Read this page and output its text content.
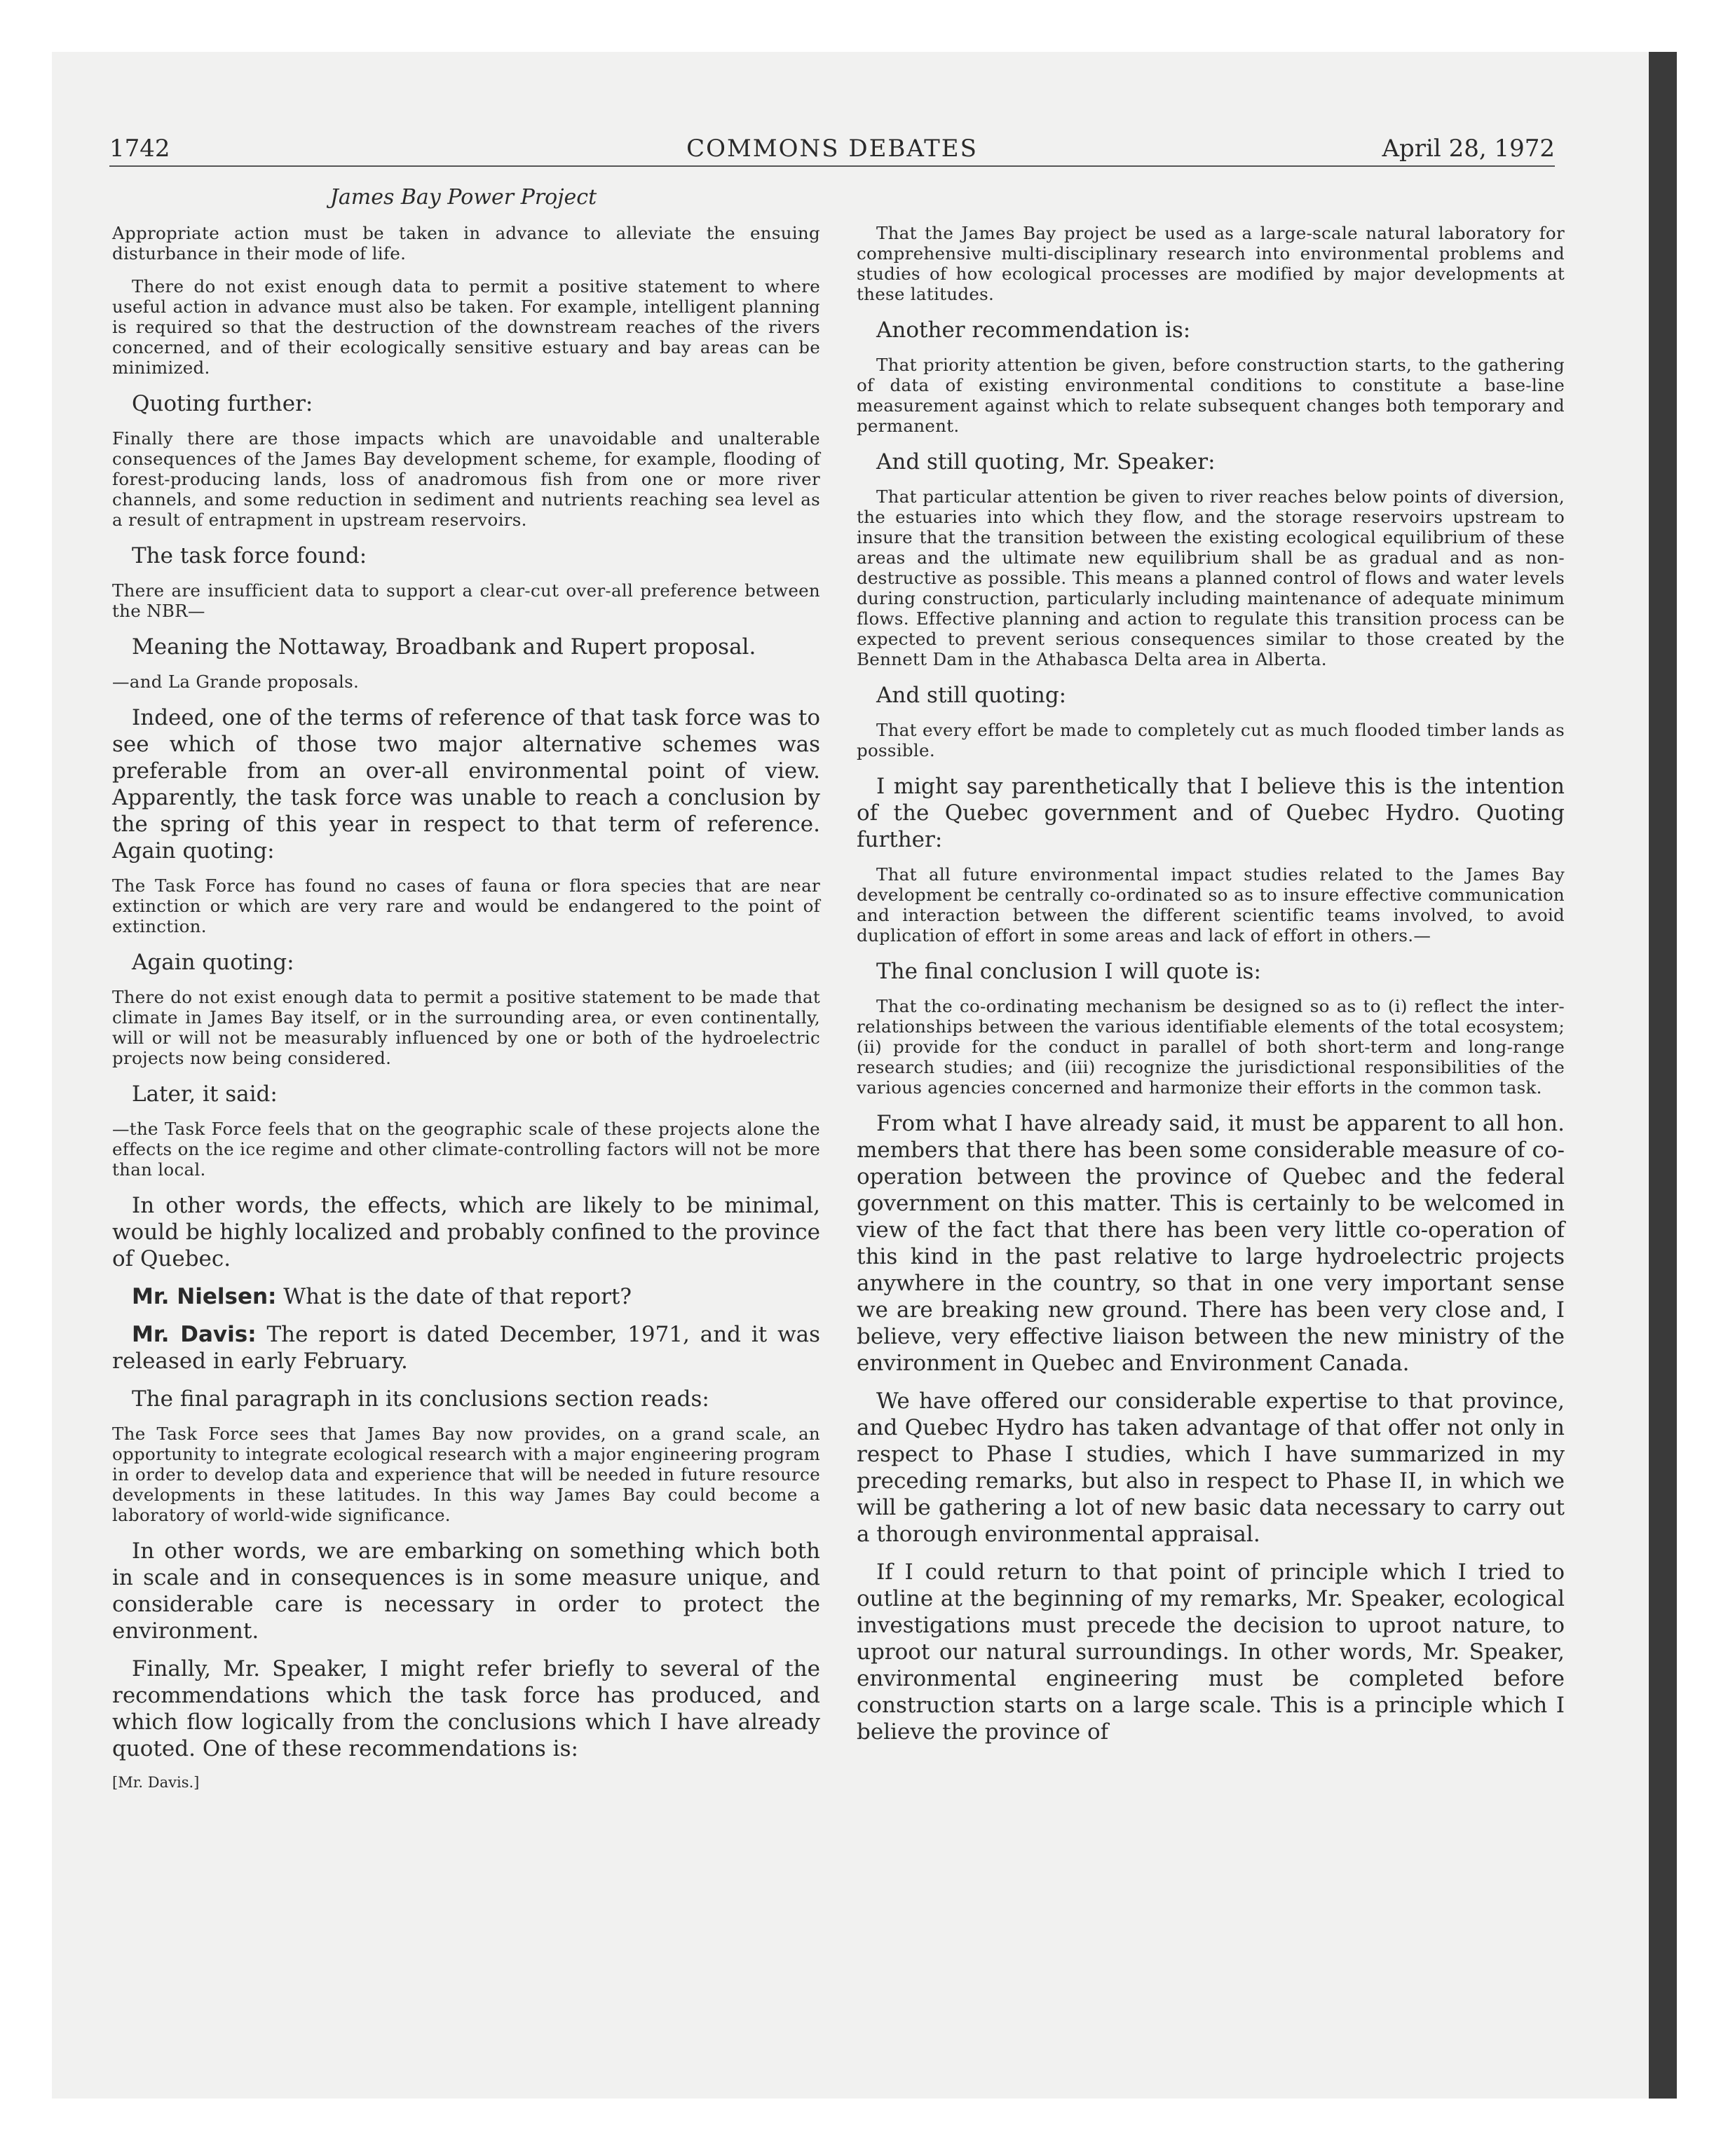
1742	COMMONS DEBATES	April 28, 1972
James Bay Power Project

Appropriate action must be taken in advance to alleviate the ensuing disturbance in their mode of life.

There do not exist enough data to permit a positive statement to where useful action in advance must also be taken. For example, intelligent planning is required so that the destruction of the downstream reaches of the rivers concerned, and of their ecologically sensitive estuary and bay areas can be minimized.

Quoting further:

Finally there are those impacts which are unavoidable and unalterable consequences of the James Bay development scheme, for example, flooding of forest-producing lands, loss of anadromous fish from one or more river channels, and some reduction in sediment and nutrients reaching sea level as a result of entrapment in upstream reservoirs.

The task force found:

There are insufficient data to support a clear-cut over-all preference between the NBR—

Meaning the Nottaway, Broadbank and Rupert proposal.

—and La Grande proposals.

Indeed, one of the terms of reference of that task force was to see which of those two major alternative schemes was preferable from an over-all environmental point of view. Apparently, the task force was unable to reach a conclusion by the spring of this year in respect to that term of reference. Again quoting:

The Task Force has found no cases of fauna or flora species that are near extinction or which are very rare and would be endangered to the point of extinction.

Again quoting:

There do not exist enough data to permit a positive statement to be made that climate in James Bay itself, or in the surrounding area, or even continentally, will or will not be measurably influenced by one or both of the hydroelectric projects now being considered.

Later, it said:

—the Task Force feels that on the geographic scale of these projects alone the effects on the ice regime and other climate-controlling factors will not be more than local.

In other words, the effects, which are likely to be minimal, would be highly localized and probably confined to the province of Quebec.

Mr. Nielsen: What is the date of that report?

Mr. Davis: The report is dated December, 1971, and it was released in early February.

The final paragraph in its conclusions section reads:

The Task Force sees that James Bay now provides, on a grand scale, an opportunity to integrate ecological research with a major engineering program in order to develop data and experience that will be needed in future resource developments in these latitudes. In this way James Bay could become a laboratory of world-wide significance.

In other words, we are embarking on something which both in scale and in consequences is in some measure unique, and considerable care is necessary in order to protect the environment.

Finally, Mr. Speaker, I might refer briefly to several of the recommendations which the task force has produced, and which flow logically from the conclusions which I have already quoted. One of these recommendations is:

[Mr. Davis.]

That the James Bay project be used as a large-scale natural laboratory for comprehensive multi-disciplinary research into environmental problems and studies of how ecological processes are modified by major developments at these latitudes.

Another recommendation is:

That priority attention be given, before construction starts, to the gathering of data of existing environmental conditions to constitute a base-line measurement against which to relate subsequent changes both temporary and permanent.

And still quoting, Mr. Speaker:

That particular attention be given to river reaches below points of diversion, the estuaries into which they flow, and the storage reservoirs upstream to insure that the transition between the existing ecological equilibrium of these areas and the ultimate new equilibrium shall be as gradual and as non-destructive as possible. This means a planned control of flows and water levels during construction, particularly including maintenance of adequate minimum flows. Effective planning and action to regulate this transition process can be expected to prevent serious consequences similar to those created by the Bennett Dam in the Athabasca Delta area in Alberta.

And still quoting:

That every effort be made to completely cut as much flooded timber lands as possible.

I might say parenthetically that I believe this is the intention of the Quebec government and of Quebec Hydro. Quoting further:

That all future environmental impact studies related to the James Bay development be centrally co-ordinated so as to insure effective communication and interaction between the different scientific teams involved, to avoid duplication of effort in some areas and lack of effort in others.—

The final conclusion I will quote is:

That the co-ordinating mechanism be designed so as to (i) reflect the inter-relationships between the various identifiable elements of the total ecosystem; (ii) provide for the conduct in parallel of both short-term and long-range research studies; and (iii) recognize the jurisdictional responsibilities of the various agencies concerned and harmonize their efforts in the common task.

From what I have already said, it must be apparent to all hon. members that there has been some considerable measure of co-operation between the province of Quebec and the federal government on this matter. This is certainly to be welcomed in view of the fact that there has been very little co-operation of this kind in the past relative to large hydroelectric projects anywhere in the country, so that in one very important sense we are breaking new ground. There has been very close and, I believe, very effective liaison between the new ministry of the environment in Quebec and Environment Canada.

We have offered our considerable expertise to that province, and Quebec Hydro has taken advantage of that offer not only in respect to Phase I studies, which I have summarized in my preceding remarks, but also in respect to Phase II, in which we will be gathering a lot of new basic data necessary to carry out a thorough environmental appraisal.

If I could return to that point of principle which I tried to outline at the beginning of my remarks, Mr. Speaker, ecological investigations must precede the decision to uproot nature, to uproot our natural surroundings. In other words, Mr. Speaker, environmental engineering must be completed before construction starts on a large scale. This is a principle which I believe the province of
